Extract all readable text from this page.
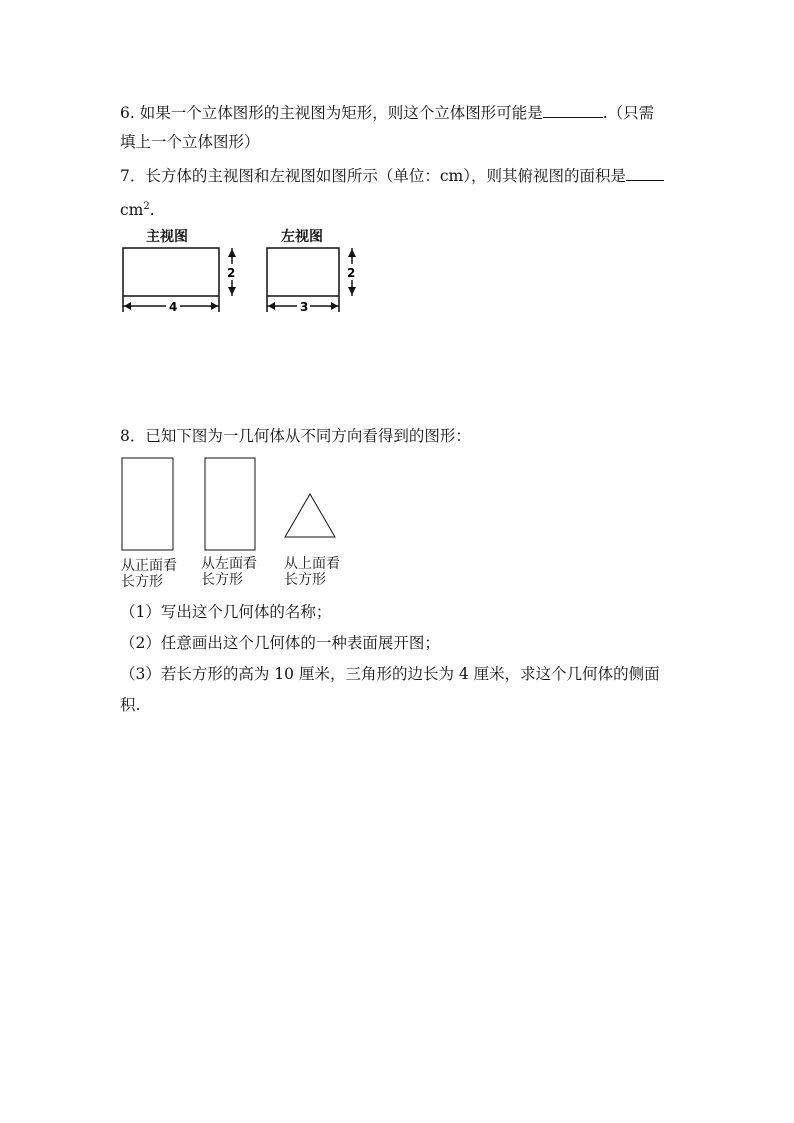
6. 如果一个立体图形的主视图为矩形，则这个立体图形可能是	.（只需
填上一个立体图形）
7．长方体的主视图和左视图如图所示（单位：cm），则其俯视图的面积是
$cm^2$.
主视图	左视图
2
4
2
3
8．已知下图为一几何体从不同方向看得到的图形：
从正面看
长方形
从左面看
长方形
从上面看
长方形
（1）写出这个几何体的名称；
（2）任意画出这个几何体的一种表面展开图；
（3）若长方形的高为 10 厘米，三角形的边长为 4 厘米，求这个几何体的侧面
积.
